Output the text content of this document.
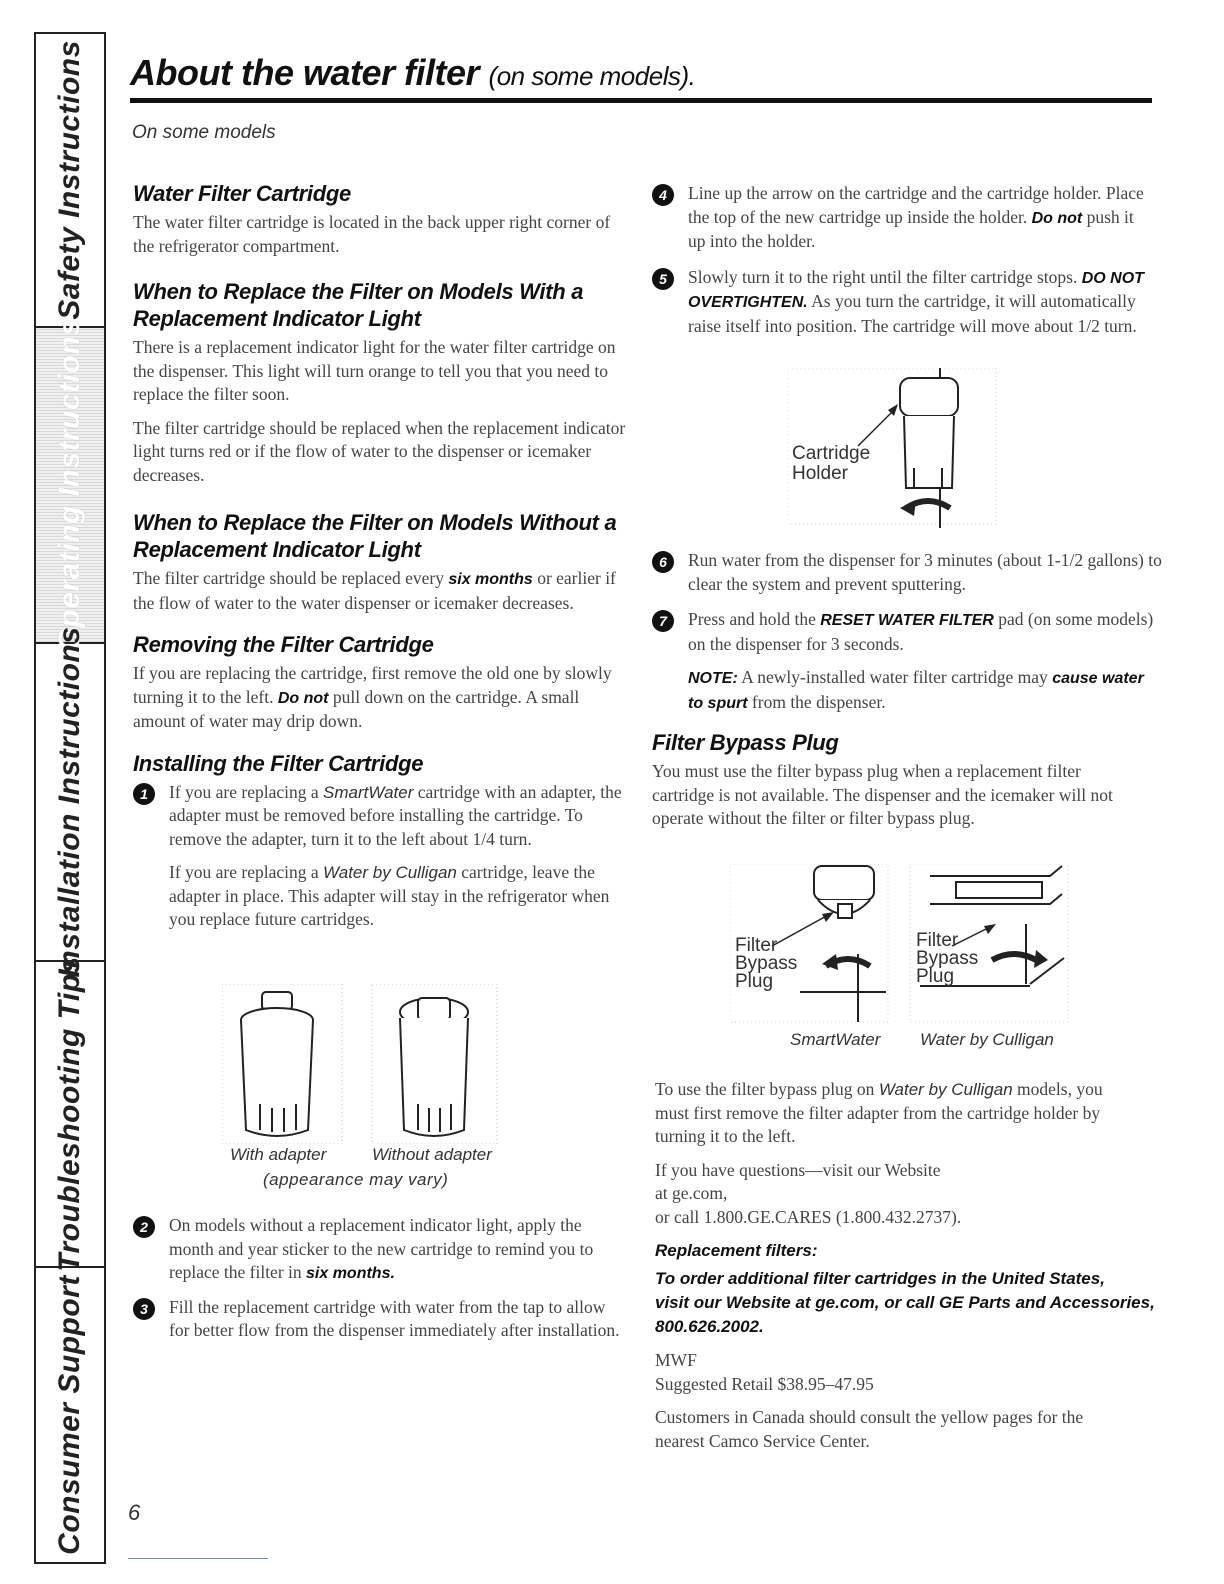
Safety Instructions
Operating Instructions
Installation Instructions
Troubleshooting Tips
Consumer Support
About the water filter (on some models).
On some models
Water Filter Cartridge

The water filter cartridge is located in the back upper right corner of the refrigerator compartment.

When to Replace the Filter on Models With a Replacement Indicator Light

There is a replacement indicator light for the water filter cartridge on the dispenser. This light will turn orange to tell you that you need to replace the filter soon.

The filter cartridge should be replaced when the replacement indicator light turns red or if the flow of water to the dispenser or icemaker decreases.

When to Replace the Filter on Models Without a Replacement Indicator Light

The filter cartridge should be replaced every six months or earlier if the flow of water to the water dispenser or icemaker decreases.

Removing the Filter Cartridge

If you are replacing the cartridge, first remove the old one by slowly turning it to the left. Do not pull down on the cartridge. A small amount of water may drip down.

Installing the Filter Cartridge
1	If you are replacing a SmartWater cartridge with an adapter, the adapter must be removed before installing the cartridge. To remove the adapter, turn it to the left about 1/4 turn.

If you are replacing a Water by Culligan cartridge, leave the adapter in place. This adapter will stay in the refrigerator when you replace future cartridges.

With adapter	Without adapter
(appearance may vary)
2	On models without a replacement indicator light, apply the month and year sticker to the new cartridge to remind you to replace the filter in six months.

3	Fill the replacement cartridge with water from the tap to allow for better flow from the dispenser immediately after installation.

4	Line up the arrow on the cartridge and the cartridge holder. Place the top of the new cartridge up inside the holder. Do not push it up into the holder.

5	Slowly turn it to the right until the filter cartridge stops. DO NOT OVERTIGHTEN. As you turn the cartridge, it will automatically raise itself into position. The cartridge will move about 1/2 turn.

Cartridge
Holder
6	Run water from the dispenser for 3 minutes (about 1-1/2 gallons) to clear the system and prevent sputtering.

7	Press and hold the RESET WATER FILTER pad (on some models) on the dispenser for 3 seconds.

NOTE: A newly-installed water filter cartridge may cause water to spurt from the dispenser.

Filter Bypass Plug

You must use the filter bypass plug when a replacement filter cartridge is not available. The dispenser and the icemaker will not operate without the filter or filter bypass plug.

Filter
Bypass
Plug
Filter
Bypass
Plug
SmartWater Water by Culligan

To use the filter bypass plug on Water by Culligan models, you must first remove the filter adapter from the cartridge holder by turning it to the left.

If you have questions—visit our Website
at ge.com,
or call 1.800.GE.CARES (1.800.432.2737).

Replacement filters:
To order additional filter cartridges in the United States,
visit our Website at ge.com, or call GE Parts and Accessories,
800.626.2002.

MWF

Suggested Retail $38.95–47.95

Customers in Canada should consult the yellow pages for the nearest Camco Service Center.

6
